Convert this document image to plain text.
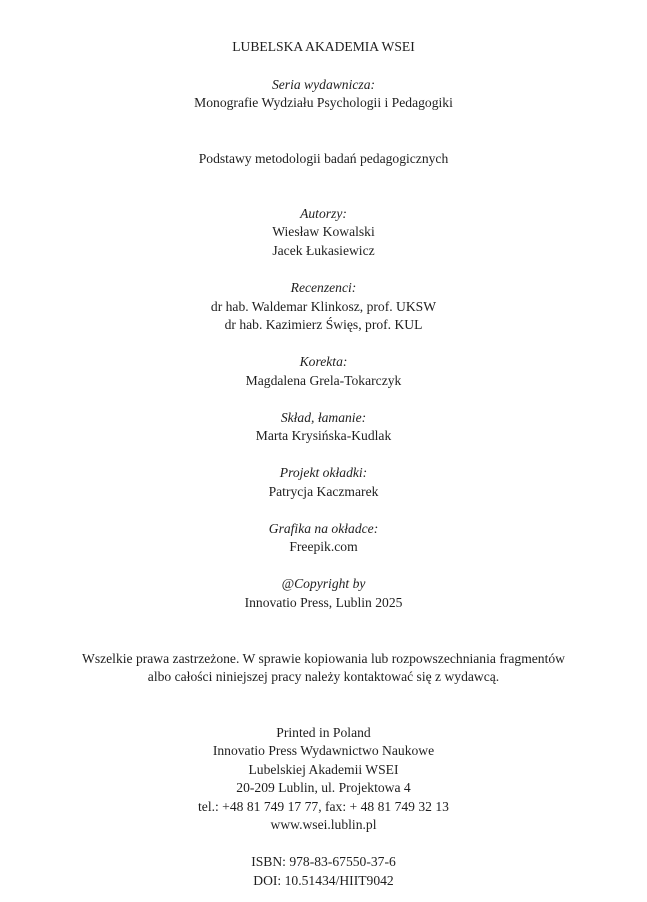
LUBELSKA AKADEMIA WSEI
Seria wydawnicza:
Monografie Wydziału Psychologii i Pedagogiki
Podstawy metodologii badań pedagogicznych
Autorzy:
Wiesław Kowalski
Jacek Łukasiewicz
Recenzenci:
dr hab. Waldemar Klinkosz, prof. UKSW
dr hab. Kazimierz Święs, prof. KUL
Korekta:
Magdalena Grela-Tokarczyk
Skład, łamanie:
Marta Krysińska-Kudlak
Projekt okładki:
Patrycja Kaczmarek
Grafika na okładce:
Freepik.com
@Copyright by
Innovatio Press, Lublin 2025
Wszelkie prawa zastrzeżone. W sprawie kopiowania lub rozpowszechniania fragmentów
albo całości niniejszej pracy należy kontaktować się z wydawcą.
Printed in Poland
Innovatio Press Wydawnictwo Naukowe
Lubelskiej Akademii WSEI
20-209 Lublin, ul. Projektowa 4
tel.: +48 81 749 17 77, fax: + 48 81 749 32 13
www.wsei.lublin.pl
ISBN: 978-83-67550-37-6
DOI: 10.51434/HIIT9042
